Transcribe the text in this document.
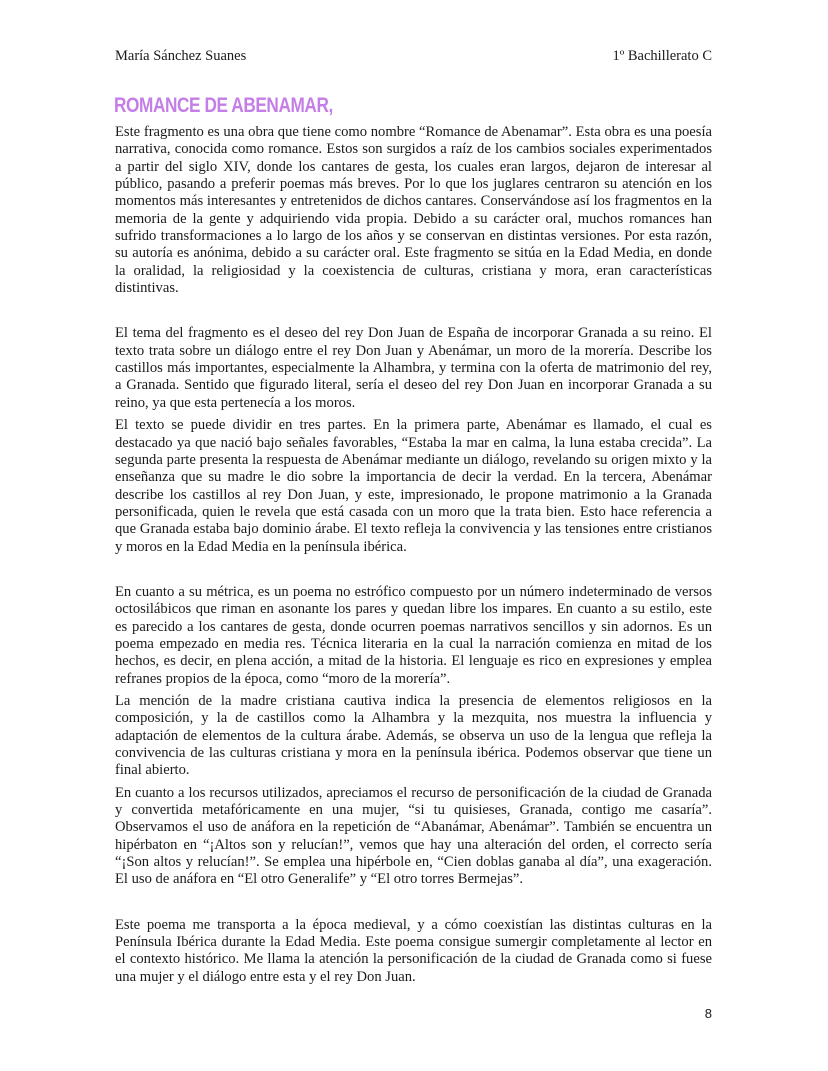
María Sánchez Suanes	1º Bachillerato C
ROMANCE DE ABENAMAR,

Este fragmento es una obra que tiene como nombre “Romance de Abenamar”. Esta obra es una poesía narrativa, conocida como romance. Estos son surgidos a raíz de los cambios sociales experimentados a partir del siglo XIV, donde los cantares de gesta, los cuales eran largos, dejaron de interesar al público, pasando a preferir poemas más breves. Por lo que los juglares centraron su atención en los momentos más interesantes y entretenidos de dichos cantares. Conservándose así los fragmentos en la memoria de la gente y adquiriendo vida propia. Debido a su carácter oral, muchos romances han sufrido transformaciones a lo largo de los años y se conservan en distintas versiones. Por esta razón, su autoría es anónima, debido a su carácter oral. Este fragmento se sitúa en la Edad Media, en donde la oralidad, la religiosidad y la coexistencia de culturas, cristiana y mora, eran características distintivas.

El tema del fragmento es el deseo del rey Don Juan de España de incorporar Granada a su reino. El texto trata sobre un diálogo entre el rey Don Juan y Abenámar, un moro de la morería. Describe los castillos más importantes, especialmente la Alhambra, y termina con la oferta de matrimonio del rey, a Granada. Sentido que figurado literal, sería el deseo del rey Don Juan en incorporar Granada a su reino, ya que esta pertenecía a los moros.

El texto se puede dividir en tres partes. En la primera parte, Abenámar es llamado, el cual es destacado ya que nació bajo señales favorables, “Estaba la mar en calma, la luna estaba crecida”. La segunda parte presenta la respuesta de Abenámar mediante un diálogo, revelando su origen mixto y la enseñanza que su madre le dio sobre la importancia de decir la verdad. En la tercera, Abenámar describe los castillos al rey Don Juan, y este, impresionado, le propone matrimonio a la Granada personificada, quien le revela que está casada con un moro que la trata bien. Esto hace referencia a que Granada estaba bajo dominio árabe. El texto refleja la convivencia y las tensiones entre cristianos y moros en la Edad Media en la península ibérica.

En cuanto a su métrica, es un poema no estrófico compuesto por un número indeterminado de versos octosilábicos que riman en asonante los pares y quedan libre los impares. En cuanto a su estilo, este es parecido a los cantares de gesta, donde ocurren poemas narrativos sencillos y sin adornos. Es un poema empezado en media res. Técnica literaria en la cual la narración comienza en mitad de los hechos, es decir, en plena acción, a mitad de la historia. El lenguaje es rico en expresiones y emplea refranes propios de la época, como “moro de la morería”.

La mención de la madre cristiana cautiva indica la presencia de elementos religiosos en la composición, y la de castillos como la Alhambra y la mezquita, nos muestra la influencia y adaptación de elementos de la cultura árabe. Además, se observa un uso de la lengua que refleja la convivencia de las culturas cristiana y mora en la península ibérica. Podemos observar que tiene un final abierto.

En cuanto a los recursos utilizados, apreciamos el recurso de personificación de la ciudad de Granada y convertida metafóricamente en una mujer, “si tu quisieses, Granada, contigo me casaría”. Observamos el uso de anáfora en la repetición de “Abanámar, Abenámar”. También se encuentra un hipérbaton en “¡Altos son y relucían!”, vemos que hay una alteración del orden, el correcto sería “¡Son altos y relucían!”. Se emplea una hipérbole en, “Cien doblas ganaba al día”, una exageración. El uso de anáfora en “El otro Generalife” y “El otro torres Bermejas”.

Este poema me transporta a la época medieval, y a cómo coexistían las distintas culturas en la Península Ibérica durante la Edad Media. Este poema consigue sumergir completamente al lector en el contexto histórico. Me llama la atención la personificación de la ciudad de Granada como si fuese una mujer y el diálogo entre esta y el rey Don Juan.

8
